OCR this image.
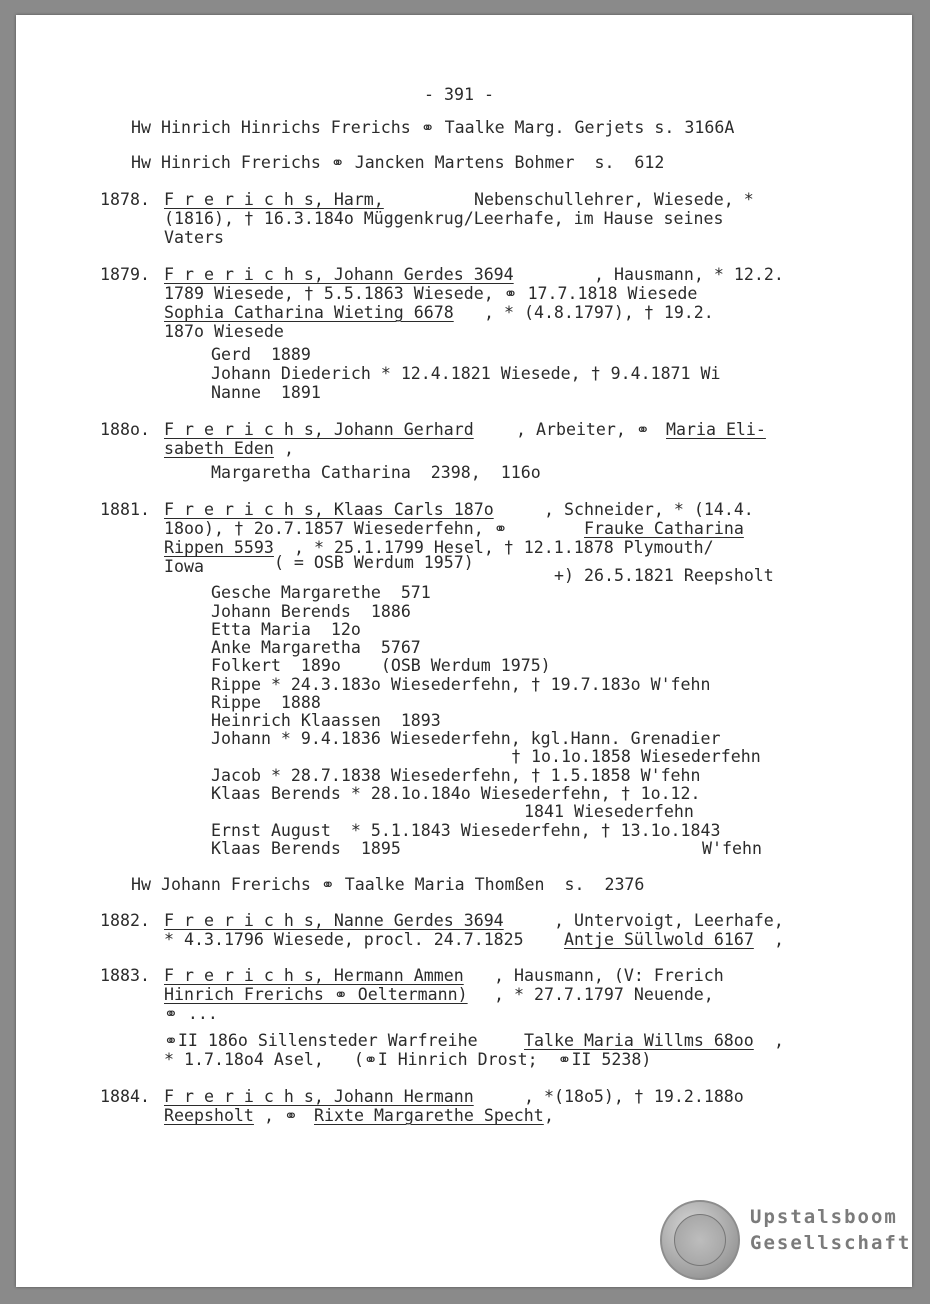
- 391 -
Hw Hinrich Hinrichs Frerichs ⚭ Taalke Marg. Gerjets s. 3166A
Hw Hinrich Frerichs ⚭ Jancken Martens Bohmer  s.  612
1878. F r e r i c h s, Harm,	Nebenschullehrer, Wiesede, *
(1816), † 16.3.184o Müggenkrug/Leerhafe, im Hause seines
Vaters
1879. F r e r i c h s, Johann Gerdes 3694	, Hausmann, * 12.2.
1789 Wiesede, † 5.5.1863 Wiesede, ⚭ 17.7.1818 Wiesede
Sophia Catharina Wieting 6678 , * (4.8.1797), † 19.2.
187o Wiesede
Gerd  1889
Johann Diederich * 12.4.1821 Wiesede, † 9.4.1871 Wi
Nanne  1891
188o. F r e r i c h s, Johann Gerhard	, Arbeiter, ⚭ Maria Eli-
sabeth Eden ,
Margaretha Catharina  2398,  116o
1881. F r e r i c h s, Klaas Carls 187o	, Schneider, * (14.4.
18oo), † 2o.7.1857 Wiesederfehn, ⚭	Frauke Catharina
Rippen 5593 , * 25.1.1799 Hesel, † 12.1.1878 Plymouth/
Iowa ( = OSB Werdum 1957)
+) 26.5.1821 Reepsholt
Gesche Margarethe  571
Johann Berends  1886
Etta Maria  12o
Anke Margaretha  5767
Folkert  189o    (OSB Werdum 1975)
Rippe * 24.3.183o Wiesederfehn, † 19.7.183o W'fehn
Rippe  1888
Heinrich Klaassen  1893
Johann * 9.4.1836 Wiesederfehn, kgl.Hann. Grenadier
† 1o.1o.1858 Wiesederfehn
Jacob * 28.7.1838 Wiesederfehn, † 1.5.1858 W'fehn
Klaas Berends * 28.1o.184o Wiesederfehn, † 1o.12.
1841 Wiesederfehn
Ernst August  * 5.1.1843 Wiesederfehn, † 13.1o.1843
Klaas Berends  1895	W'fehn
Hw Johann Frerichs ⚭ Taalke Maria Thomßen  s.  2376
1882. F r e r i c h s, Nanne Gerdes 3694	, Untervoigt, Leerhafe,
* 4.3.1796 Wiesede, procl. 24.7.1825 Antje Süllwold 6167 ,
1883. F r e r i c h s, Hermann Ammen , Hausmann, (V: Frerich
Hinrich Frerichs ⚭ Oeltermann) , * 27.7.1797 Neuende,
⚭ ...
⚭II 186o Sillensteder Warfreihe Talke Maria Willms 68oo ,
* 1.7.18o4 Asel,   (⚭I Hinrich Drost;  ⚭II 5238)
1884. F r e r i c h s, Johann Hermann	, *(18o5), † 19.2.188o
Reepsholt , ⚭ Rixte Margarethe Specht ,
Upstalsboom
Gesellschaft
